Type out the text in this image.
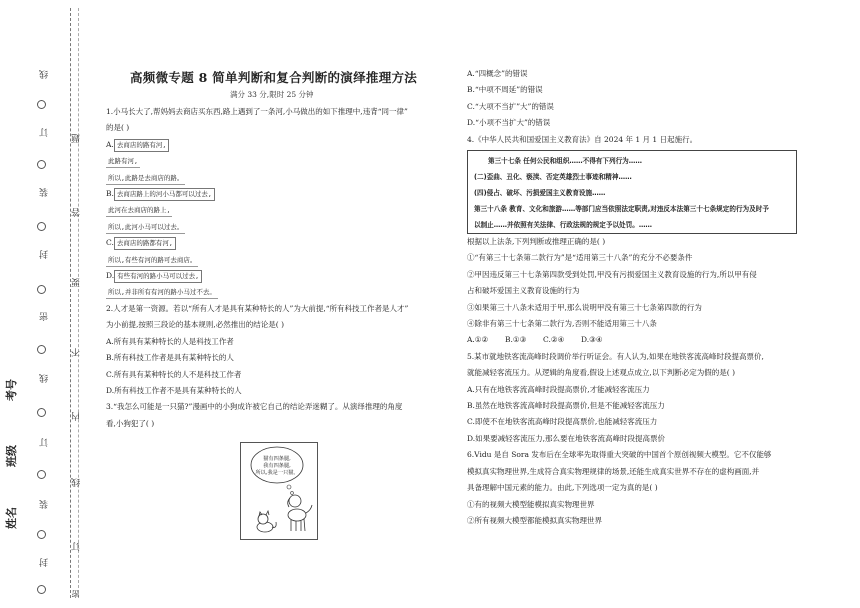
线
订
装
封
密
线
订
装
封
题
答
要
不
内
线
订
密
考号
班级
姓名
高频微专题 8 简单判断和复合判断的演绎推理方法
满分 33 分,限时 25 分钟

1.小马长大了,帮妈妈去商店买东西,路上遇到了一条河,小马做出的如下推理中,违背“同一律”

的是( )

A. 去商店的路有河,
此路有河,
所以,此路是去商店的路。
B. 去商店路上的河小马都可以过去,
此河在去商店的路上,
所以,此河小马可以过去。
C. 去商店的路都有河,
所以,有些有河的路可去商店。
D. 有些有河的路小马可以过去,
所以,并非所有有河的路小马过不去。

2.人才是第一资源。若以“所有人才是具有某种特长的人”为大前提,“所有科技工作者是人才”

为小前提,按照三段论的基本规则,必然推出的结论是( )

A.所有具有某种特长的人是科技工作者

B.所有科技工作者是具有某种特长的人

C.所有具有某种特长的人不是科技工作者

D.所有科技工作者不是具有某种特长的人

3.“我怎么可能是一只猫?”漫画中的小狗成许被它自己的结论弄迷糊了。从演绎推理的角度

看,小狗犯了( )

猫有四条腿,
我有四条腿,
所以,我是一只猫。

A.“四概念”的错误

B.“中项不周延”的错误

C.“大项不当扩”大”的错误

D.“小项不当扩大”的错误

4.《中华人民共和国爱国主义教育法》自 2024 年 1 月 1 日起施行。

第三十七条 任何公民和组织……不得有下列行为……

(二)歪曲、丑化、亵渎、否定英雄烈士事迹和精神……

(四)侵占、破坏、污损爱国主义教育设施……

第三十八条 教育、文化和旅游……等部门应当依照法定职责,对违反本法第三十七条规定的行为及时予

以制止……并依照有关法律、行政法规的规定予以处罚。……

根据以上法条,下列判断或推理正确的是( )

①“有第三十七条第二款行为”是“适用第三十八条”的充分不必要条件

②甲因违反第三十七条第四款受到处罚,甲没有污损爱国主义教育设施的行为,所以甲有侵

占和破坏爱国主义教育设施的行为

③如果第三十八条未适用于甲,那么说明甲没有第三十七条第四款的行为

④除非有第三十七条第二款行为,否则不能适用第三十八条

A.①②	B.①③	C.②④	D.③④

5.某市就地铁客流高峰时段调价举行听证会。有人认为,如果在地铁客流高峰时段提高票价,

就能减轻客流压力。从逻辑的角度看,假设上述观点成立,以下判断必定为假的是( )

A.只有在地铁客流高峰时段提高票价,才能减轻客流压力

B.虽然在地铁客流高峰时段提高票价,但是不能减轻客流压力

C.即使不在地铁客流高峰时段提高票价,也能减轻客流压力

D.如果要减轻客流压力,那么要在地铁客流高峰时段提高票价

6.Vidu 是自 Sora 发布后在全球率先取得重大突破的中国首个原创视频大模型。它不仅能够

模拟真实物理世界,生成符合真实物理规律的场景,还能生成真实世界不存在的虚构画面,并

具备理解中国元素的能力。由此,下列选项一定为真的是( )

①有的视频大模型能模拟真实物理世界

②所有视频大模型都能模拟真实物理世界
